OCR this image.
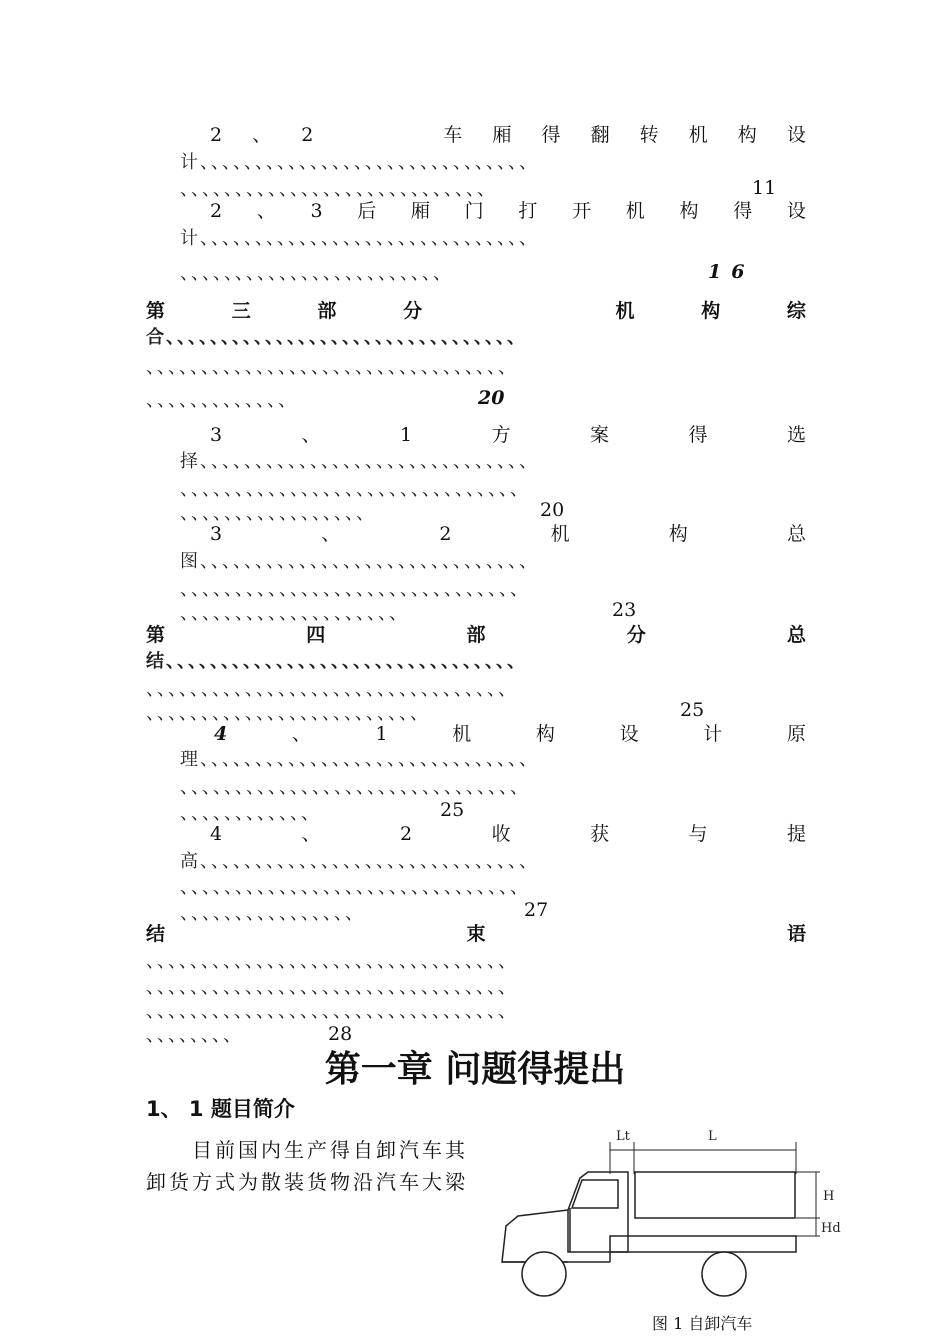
2 、 2	车 厢 得 翻 转 机 构 设
计、、、、、、、、、、、、、、、、、、、、、、、、、、、、、、
、、、、、、、、、、、、、、、、、、、、、、、、、、、、	11
2 、 3 后 厢 门 打 开 机 构 得 设
计、、、、、、、、、、、、、、、、、、、、、、、、、、、、、、
、、、、、、、、、、、、、、、、、、、、、、、、	16
第	三	部	分	机	构	综
合、、、、、、、、、、、、、、、、、、、、、、、、、、、、、、、、
、、、、、、、、、、、、、、、、、、、、、、、、、、、、、、、、、
、、、、、、、、、、、、、	20
3	、	1	方	案	得	选
择、、、、、、、、、、、、、、、、、、、、、、、、、、、、、、
、、、、、、、、、、、、、、、、、、、、、、、、、、、、、、、
、、、、、、、、、、、、、、、、、	20
3	、	2	机	构	总
图、、、、、、、、、、、、、、、、、、、、、、、、、、、、、、
、、、、、、、、、、、、、、、、、、、、、、、、、、、、、、、
、、、、、、、、、、、、、、、、、、、、	23
第	四	部	分	总
结、、、、、、、、、、、、、、、、、、、、、、、、、、、、、、、、
、、、、、、、、、、、、、、、、、、、、、、、、、、、、、、、、、
、、、、、、、、、、、、、、、、、、、、、、、、、	25
4	、	1	机	构	设	计	原
理、、、、、、、、、、、、、、、、、、、、、、、、、、、、、、
、、、、、、、、、、、、、、、、、、、、、、、、、、、、、、、
、、、、、、、、、、、、	25
4	、	2	收	获	与	提
高、、、、、、、、、、、、、、、、、、、、、、、、、、、、、、
、、、、、、、、、、、、、、、、、、、、、、、、、、、、、、、
、、、、、、、、、、、、、、、、	27
结	束	语
、、、、、、、、、、、、、、、、、、、、、、、、、、、、、、、、、
、、、、、、、、、、、、、、、、、、、、、、、、、、、、、、、、、
、、、、、、、、、、、、、、、、、、、、、、、、、、、、、、、、、
、、、、、、、、	28
第一章 问题得提出
1、 1 题目简介
目前国内生产得自卸汽车其卸货方式为散装货物沿汽车大梁
Lt	L
H
Hd
图 1 自卸汽车
